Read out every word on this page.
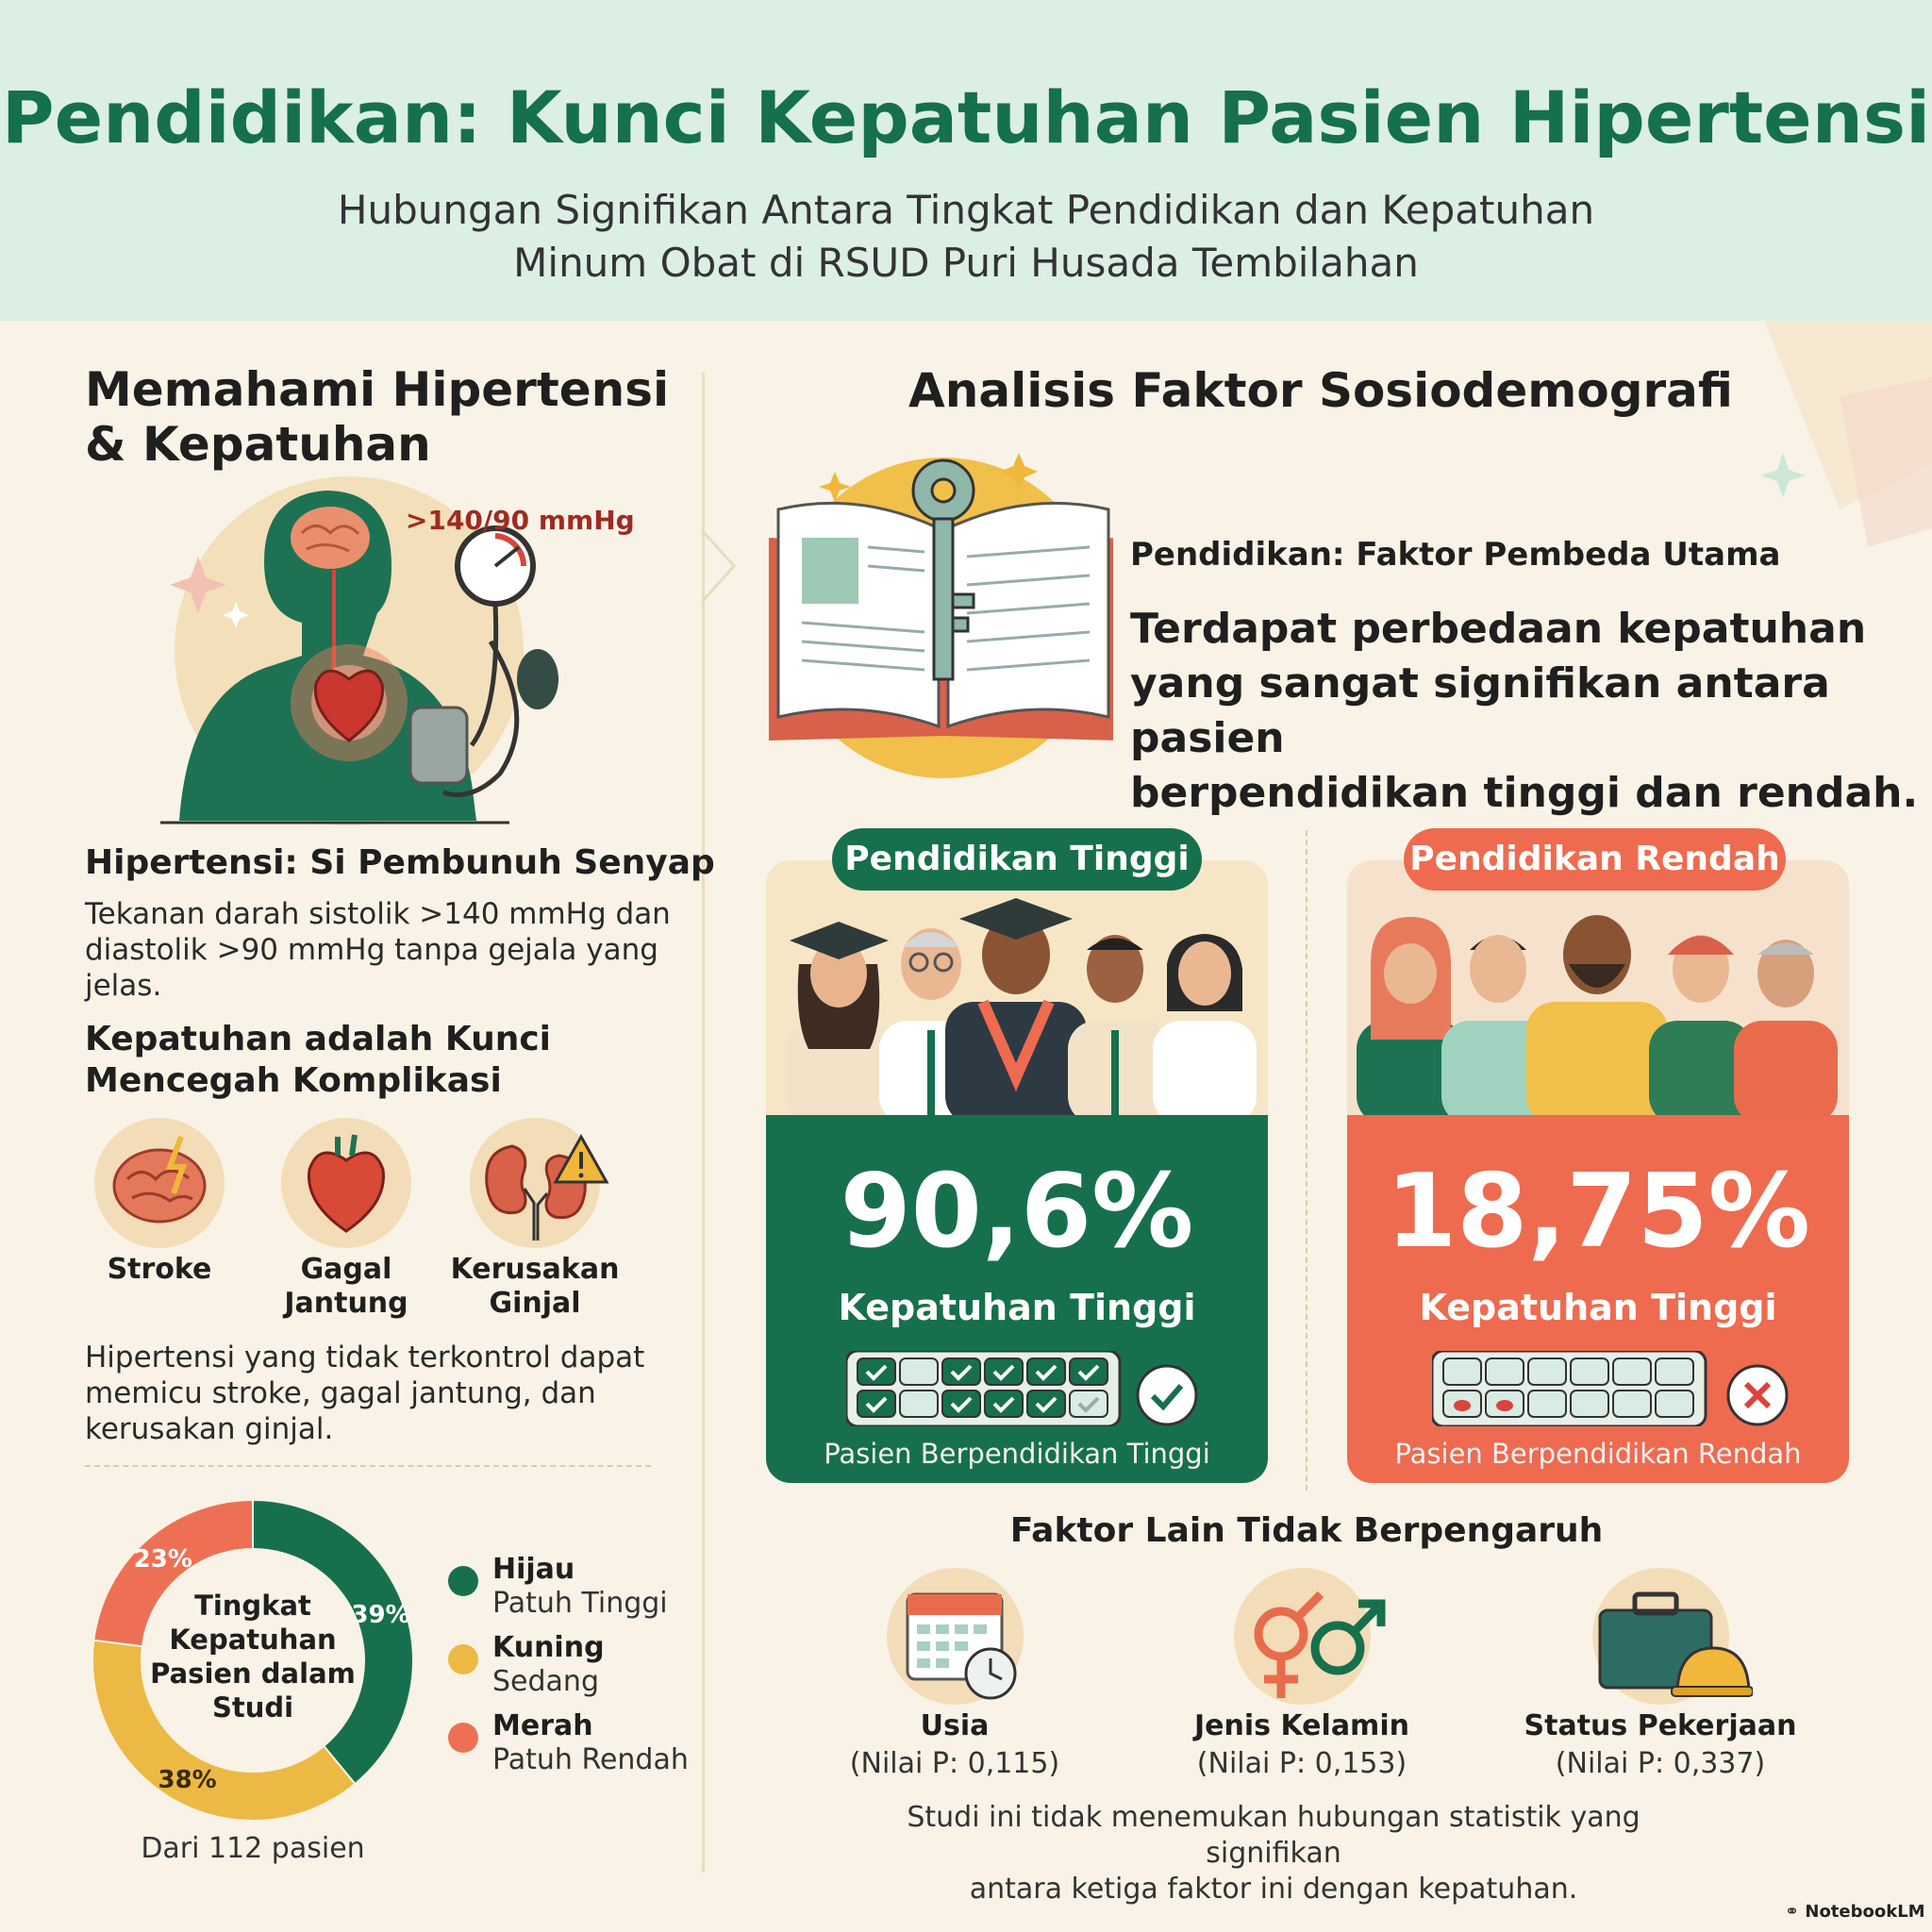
Pendidikan: Kunci Kepatuhan Pasien Hipertensi
Hubungan Signifikan Antara Tingkat Pendidikan dan Kepatuhan
Minum Obat di RSUD Puri Husada Tembilahan
Memahami Hipertensi
& Kepatuhan
>140/90 mmHg
Hipertensi: Si Pembunuh Senyap
Tekanan darah sistolik >140 mmHg dan
diastolik >90 mmHg tanpa gejala yang
jelas.
Kepatuhan adalah Kunci
Mencegah Komplikasi
Stroke	Gagal
Jantung
Kerusakan
Ginjal
Hipertensi yang tidak terkontrol dapat
memicu stroke, gagal jantung, dan
kerusakan ginjal.
39%
38%
23%
Tingkat
Kepatuhan
Pasien dalam
Studi
Dari 112 pasien
Hijau
Patuh Tinggi
Kuning
Sedang
Merah
Patuh Rendah
Analisis Faktor Sosiodemografi
Pendidikan: Faktor Pembeda Utama
Terdapat perbedaan kepatuhan
yang sangat signifikan antara pasien
berpendidikan tinggi dan rendah.
90,6%
Kepatuhan Tinggi
Pasien Berpendidikan Tinggi
Pendidikan Tinggi
18,75%
Kepatuhan Tinggi
Pasien Berpendidikan Rendah
Pendidikan Rendah
Faktor Lain Tidak Berpengaruh
Usia
(Nilai P: 0,115)
Jenis Kelamin
(Nilai P: 0,153)
Status Pekerjaan
(Nilai P: 0,337)
Studi ini tidak menemukan hubungan statistik yang signifikan
antara ketiga faktor ini dengan kepatuhan.
⚭ NotebookLM
